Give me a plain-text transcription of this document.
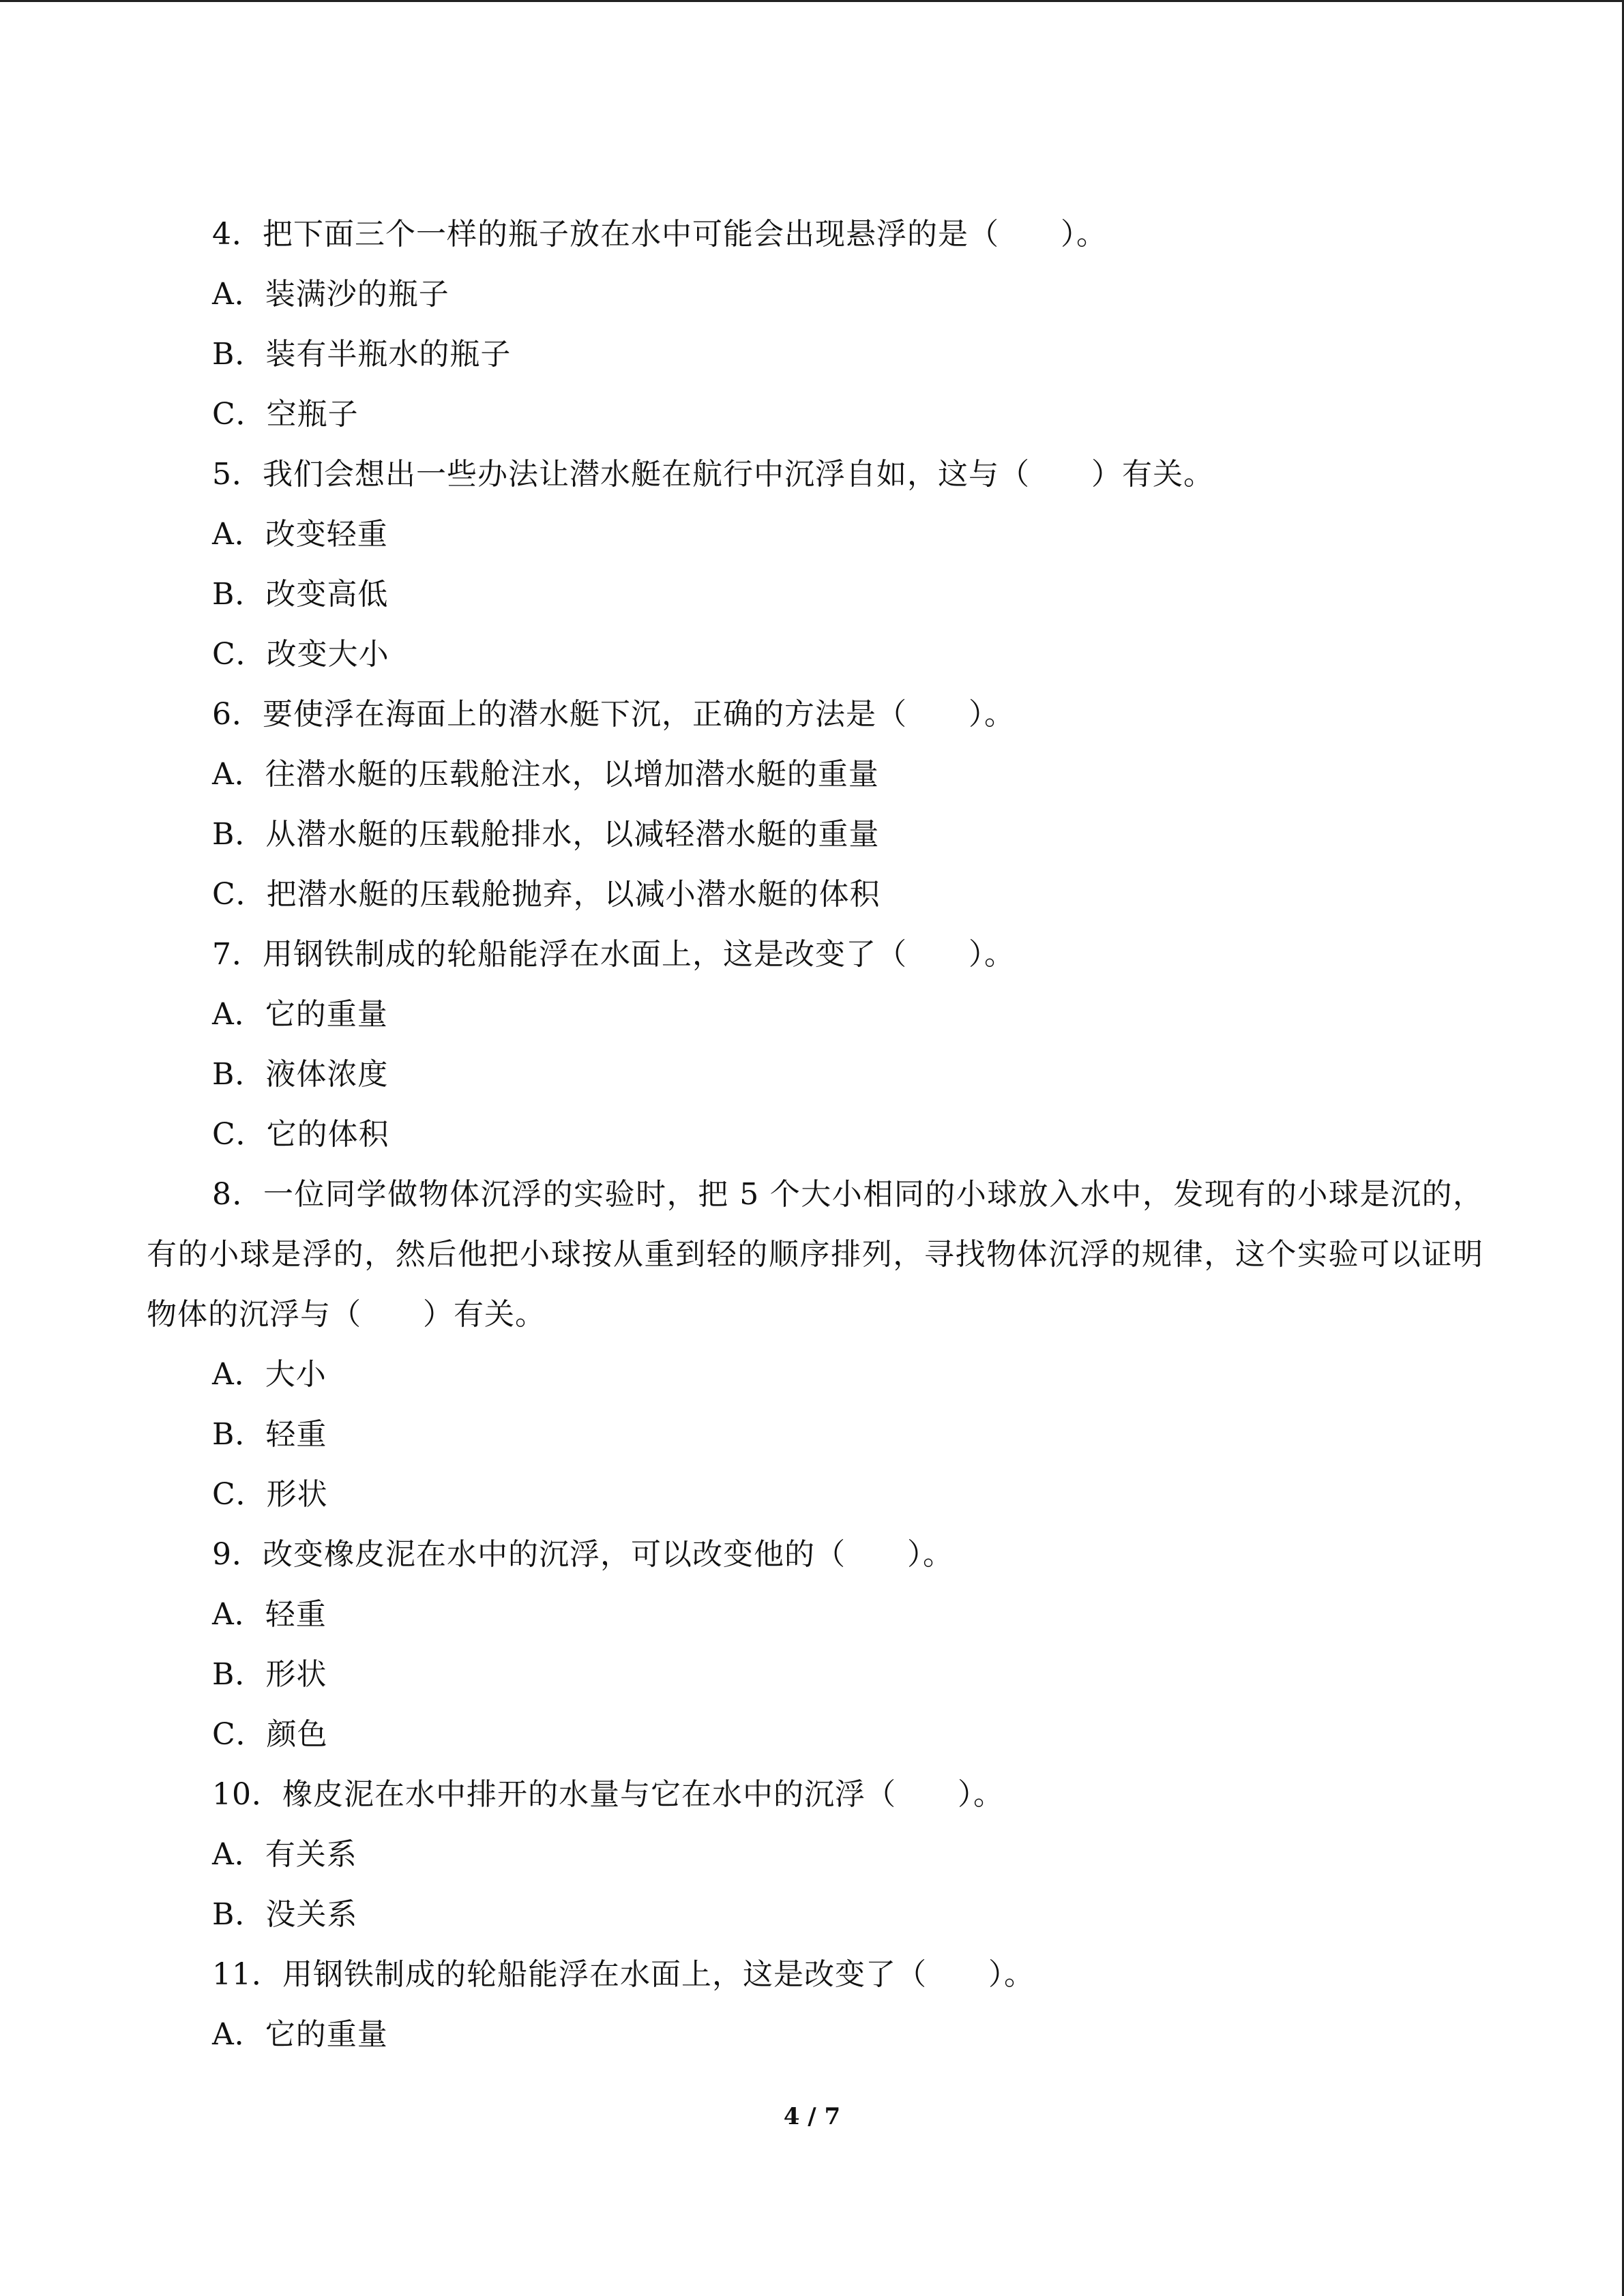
4．把下面三个一样的瓶子放在水中可能会出现悬浮的是（　　）。
A．装满沙的瓶子
B．装有半瓶水的瓶子
C．空瓶子
5．我们会想出一些办法让潜水艇在航行中沉浮自如，这与（　　）有关。
A．改变轻重
B．改变高低
C．改变大小
6．要使浮在海面上的潜水艇下沉，正确的方法是（　　）。
A．往潜水艇的压载舱注水，以增加潜水艇的重量
B．从潜水艇的压载舱排水，以减轻潜水艇的重量
C．把潜水艇的压载舱抛弃，以减小潜水艇的体积
7．用钢铁制成的轮船能浮在水面上，这是改变了（　　）。
A．它的重量
B．液体浓度
C．它的体积
8．一位同学做物体沉浮的实验时，把 5 个大小相同的小球放入水中，发现有的小球是沉的，有的小球是浮的，然后他把小球按从重到轻的顺序排列，寻找物体沉浮的规律，这个实验可以证明物体的沉浮与（　　）有关。
A．大小
B．轻重
C．形状
9．改变橡皮泥在水中的沉浮，可以改变他的（　　）。
A．轻重
B．形状
C．颜色
10．橡皮泥在水中排开的水量与它在水中的沉浮（　　）。
A．有关系
B．没关系
11．用钢铁制成的轮船能浮在水面上，这是改变了（　　）。
A．它的重量
4 / 7
